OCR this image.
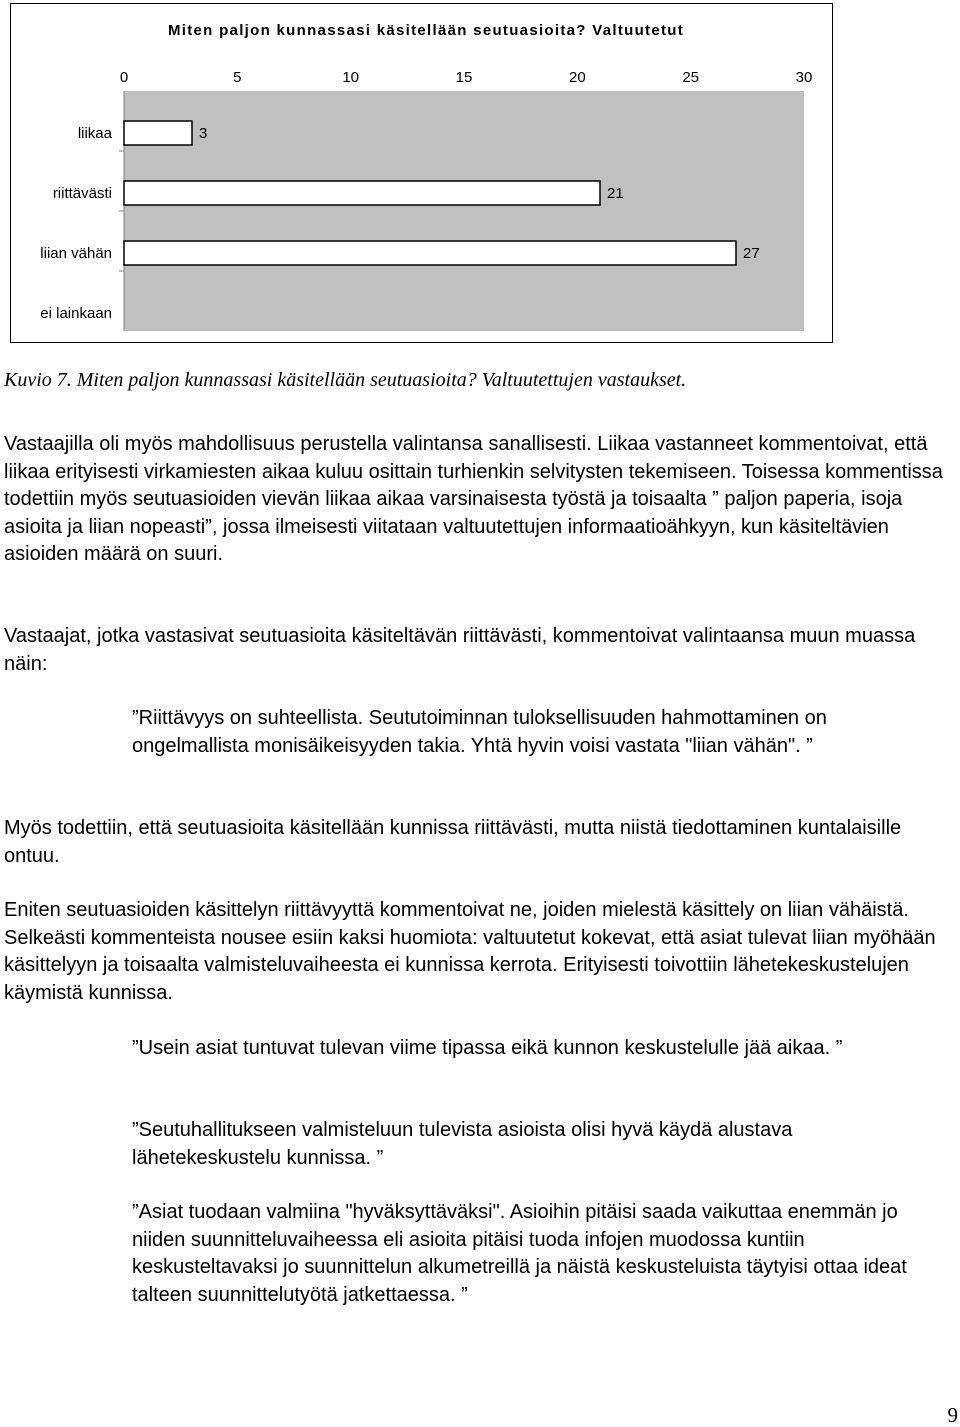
Miten paljon kunnassasi käsitellään seutuasioita? Valtuutetut
0	5	10	15	20	25	30
liikaa	3
riittävästi	21
liian vähän	27
ei lainkaan

Kuvio 7. Miten paljon kunnassasi käsitellään seutuasioita? Valtuutettujen vastaukset.

Vastaajilla oli myös mahdollisuus perustella valintansa sanallisesti. Liikaa vastanneet kommentoivat, että liikaa erityisesti virkamiesten aikaa kuluu osittain turhienkin selvitysten tekemiseen. Toisessa kommentissa todettiin myös seutuasioiden vievän liikaa aikaa varsinaisesta työstä ja toisaalta ” paljon paperia, isoja asioita ja liian nopeasti”, jossa ilmeisesti viitataan valtuutettujen informaatioähkyyn, kun käsiteltävien asioiden määrä on suuri.

Vastaajat, jotka vastasivat seutuasioita käsiteltävän riittävästi, kommentoivat valintaansa muun muassa näin:

”Riittävyys on suhteellista. Seututoiminnan tuloksellisuuden hahmottaminen on ongelmallista monisäikeisyyden takia. Yhtä hyvin voisi vastata "liian vähän". ”

Myös todettiin, että seutuasioita käsitellään kunnissa riittävästi, mutta niistä tiedottaminen kuntalaisille ontuu.

Eniten seutuasioiden käsittelyn riittävyyttä kommentoivat ne, joiden mielestä käsittely on liian vähäistä. Selkeästi kommenteista nousee esiin kaksi huomiota: valtuutetut kokevat, että asiat tulevat liian myöhään käsittelyyn ja toisaalta valmisteluvaiheesta ei kunnissa kerrota. Erityisesti toivottiin lähetekeskustelujen käymistä kunnissa.

”Usein asiat tuntuvat tulevan viime tipassa eikä kunnon keskustelulle jää aikaa. ”

”Seutuhallitukseen valmisteluun tulevista asioista olisi hyvä käydä alustava lähetekeskustelu kunnissa. ”

”Asiat tuodaan valmiina "hyväksyttäväksi". Asioihin pitäisi saada vaikuttaa enemmän jo niiden suunnitteluvaiheessa eli asioita pitäisi tuoda infojen muodossa kuntiin keskusteltavaksi jo suunnittelun alkumetreillä ja näistä keskusteluista täytyisi ottaa ideat talteen suunnittelutyötä jatkettaessa. ”

9
